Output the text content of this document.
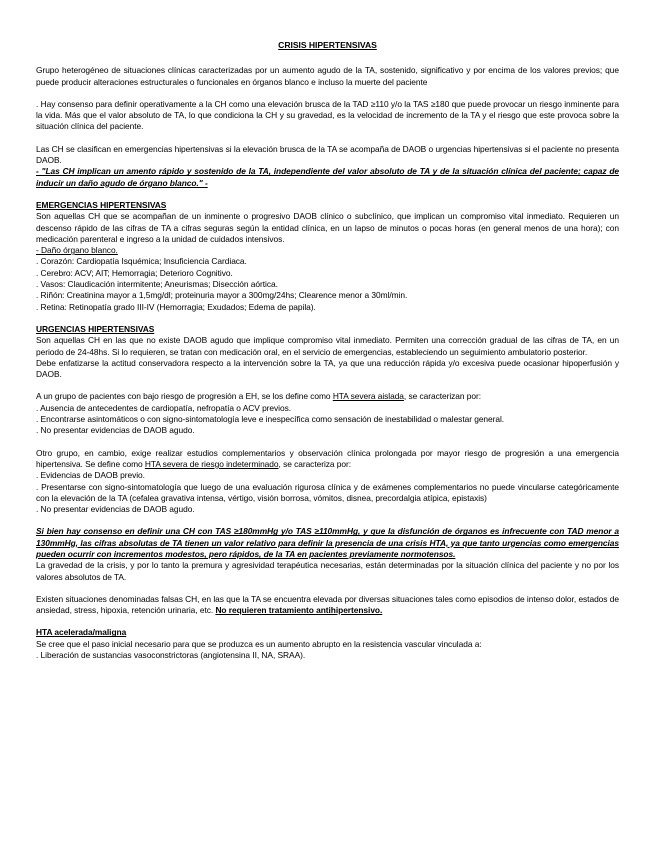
CRISIS HIPERTENSIVAS

Grupo heterogéneo de situaciones clínicas caracterizadas por un aumento agudo de la TA, sostenido, significativo y por encima de los valores previos; que puede producir alteraciones estructurales o funcionales en órganos blanco e incluso la muerte del paciente

. Hay consenso para definir operativamente a la CH como una elevación brusca de la TAD ≥110 y/o la TAS ≥180 que puede provocar un riesgo inminente para la vida. Más que el valor absoluto de TA, lo que condiciona la CH y su gravedad, es la velocidad de incremento de la TA y el riesgo que este provoca sobre la situación clínica del paciente.

Las CH se clasifican en emergencias hipertensivas si la elevación brusca de la TA se acompaña de DAOB o urgencias hipertensivas si el paciente no presenta DAOB.

- "Las CH implican un amento rápido y sostenido de la TA, independiente del valor absoluto de TA y de la situación clínica del paciente; capaz de inducir un daño agudo de órgano blanco." -

EMERGENCIAS HIPERTENSIVAS

Son aquellas CH que se acompañan de un inminente o progresivo DAOB clínico o subclínico, que implican un compromiso vital inmediato. Requieren un descenso rápido de las cifras de TA a cifras seguras según la entidad clínica, en un lapso de minutos o pocas horas (en general menos de una hora); con medicación parenteral e ingreso a la unidad de cuidados intensivos.

- Daño órgano blanco.
. Corazón: Cardiopatía Isquémica; Insuficiencia Cardiaca.
. Cerebro: ACV; AIT; Hemorragia; Deterioro Cognitivo.
. Vasos: Claudicación intermitente; Aneurismas; Disección aórtica.
. Riñón: Creatinina mayor a 1,5mg/dl; proteinuria mayor a 300mg/24hs; Clearence menor a 30ml/min.
. Retina: Retinopatía grado III-IV (Hemorragia; Exudados; Edema de papila).
URGENCIAS HIPERTENSIVAS

Son aquellas CH en las que no existe DAOB agudo que implique compromiso vital inmediato. Permiten una corrección gradual de las cifras de TA, en un periodo de 24-48hs. Si lo requieren, se tratan con medicación oral, en el servicio de emergencias, estableciendo un seguimiento ambulatorio posterior.

Debe enfatizarse la actitud conservadora respecto a la intervención sobre la TA, ya que una reducción rápida y/o excesiva puede ocasionar hipoperfusión y DAOB.

A un grupo de pacientes con bajo riesgo de progresión a EH, se los define como HTA severa aislada, se caracterizan por:

. Ausencia de antecedentes de cardiopatía, nefropatía o ACV previos.
. Encontrarse asintomáticos o con signo-sintomatología leve e inespecífica como sensación de inestabilidad o malestar general.
. No presentar evidencias de DAOB agudo.

Otro grupo, en cambio, exige realizar estudios complementarios y observación clínica prolongada por mayor riesgo de progresión a una emergencia hipertensiva. Se define como HTA severa de riesgo indeterminado, se caracteriza por:

. Evidencias de DAOB previo.

. Presentarse con signo-sintomatología que luego de una evaluación rigurosa clínica y de exámenes complementarios no puede vincularse categóricamente con la elevación de la TA (cefalea gravativa intensa, vértigo, visión borrosa, vómitos, disnea, precordalgia atípica, epistaxis)

. No presentar evidencias de DAOB agudo.

Si bien hay consenso en definir una CH con TAS ≥180mmHg y/o TAS ≥110mmHg, y que la disfunción de órganos es infrecuente con TAD menor a 130mmHg, las cifras absolutas de TA tienen un valor relativo para definir la presencia de una crisis HTA, ya que tanto urgencias como emergencias pueden ocurrir con incrementos modestos, pero rápidos, de la TA en pacientes previamente normotensos.

La gravedad de la crisis, y por lo tanto la premura y agresividad terapéutica necesarias, están determinadas por la situación clínica del paciente y no por los valores absolutos de TA.

Existen situaciones denominadas falsas CH, en las que la TA se encuentra elevada por diversas situaciones tales como episodios de intenso dolor, estados de ansiedad, stress, hipoxia, retención urinaria, etc. No requieren tratamiento antihipertensivo.

HTA acelerada/maligna

Se cree que el paso inicial necesario para que se produzca es un aumento abrupto en la resistencia vascular vinculada a:

. Liberación de sustancias vasoconstrictoras (angiotensina II, NA, SRAA).
